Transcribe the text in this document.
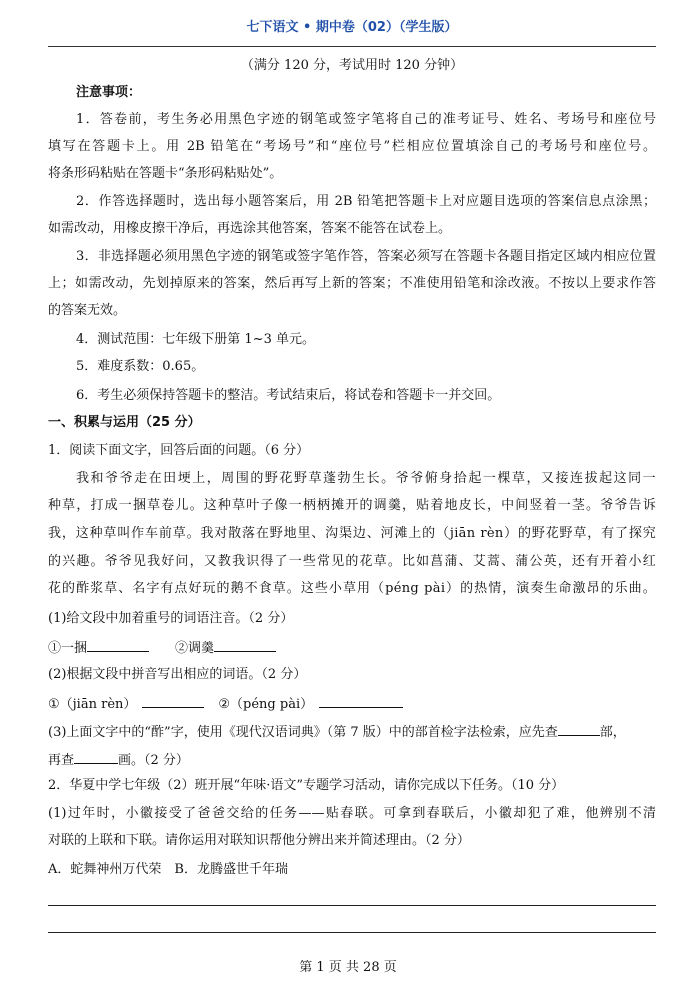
七下语文 • 期中卷（02）（学生版）
（满分 120 分，考试用时 120 分钟）
注意事项：
1．答卷前，考生务必用黑色字迹的钢笔或签字笔将自己的准考证号、姓名、考场号和座位号
填写在答题卡上。用 2B 铅笔在“考场号”和“座位号”栏相应位置填涂自己的考场号和座位号。
将条形码粘贴在答题卡“条形码粘贴处”。
2．作答选择题时，选出每小题答案后，用 2B 铅笔把答题卡上对应题目选项的答案信息点涂黑；
如需改动，用橡皮擦干净后，再选涂其他答案，答案不能答在试卷上。
3．非选择题必须用黑色字迹的钢笔或签字笔作答，答案必须写在答题卡各题目指定区域内相应位置
上；如需改动，先划掉原来的答案，然后再写上新的答案；不准使用铅笔和涂改液。不按以上要求作答
的答案无效。
4．测试范围：七年级下册第 1~3 单元。
5．难度系数：0.65。
6．考生必须保持答题卡的整洁。考试结束后，将试卷和答题卡一并交回。
一、积累与运用（25 分）
1．阅读下面文字，回答后面的问题。（6 分）
我和爷爷走在田埂上，周围的野花野草蓬勃生长。爷爷俯身拾起一棵草，又接连拔起这同一
种草，打成一捆草卷儿。这种草叶子像一柄柄摊开的调羹，贴着地皮长，中间竖着一茎。爷爷告诉
我，这种草叫作车前草。我对散落在野地里、沟渠边、河滩上的（jiān rèn）的野花野草，有了探究
的兴趣。爷爷见我好问，又教我识得了一些常见的花草。比如菖蒲、艾蒿、蒲公英，还有开着小红
花的酢浆草、名字有点好玩的鹅不食草。这些小草用（péng pài）的热情，演奏生命激昂的乐曲。
(1)给文段中加着重号的词语注音。（2 分）
①一捆	②调羹
(2)根据文段中拼音写出相应的词语。（2 分）
①（jiān rèn）	②（péng pài）
(3)上面文字中的“酢”字，使用《现代汉语词典》（第 7 版）中的部首检字法检索，应先查	部，
再查	画。（2 分）
2．华夏中学七年级（2）班开展“年味·语文”专题学习活动，请你完成以下任务。（10 分）
(1)过年时，小徽接受了爸爸交给的任务——贴春联。可拿到春联后，小徽却犯了难，他辨别不清
对联的上联和下联。请你运用对联知识帮他分辨出来并简述理由。（2 分）
A．蛇舞神州万代荣　B．龙腾盛世千年瑞
第 1 页 共 28 页
